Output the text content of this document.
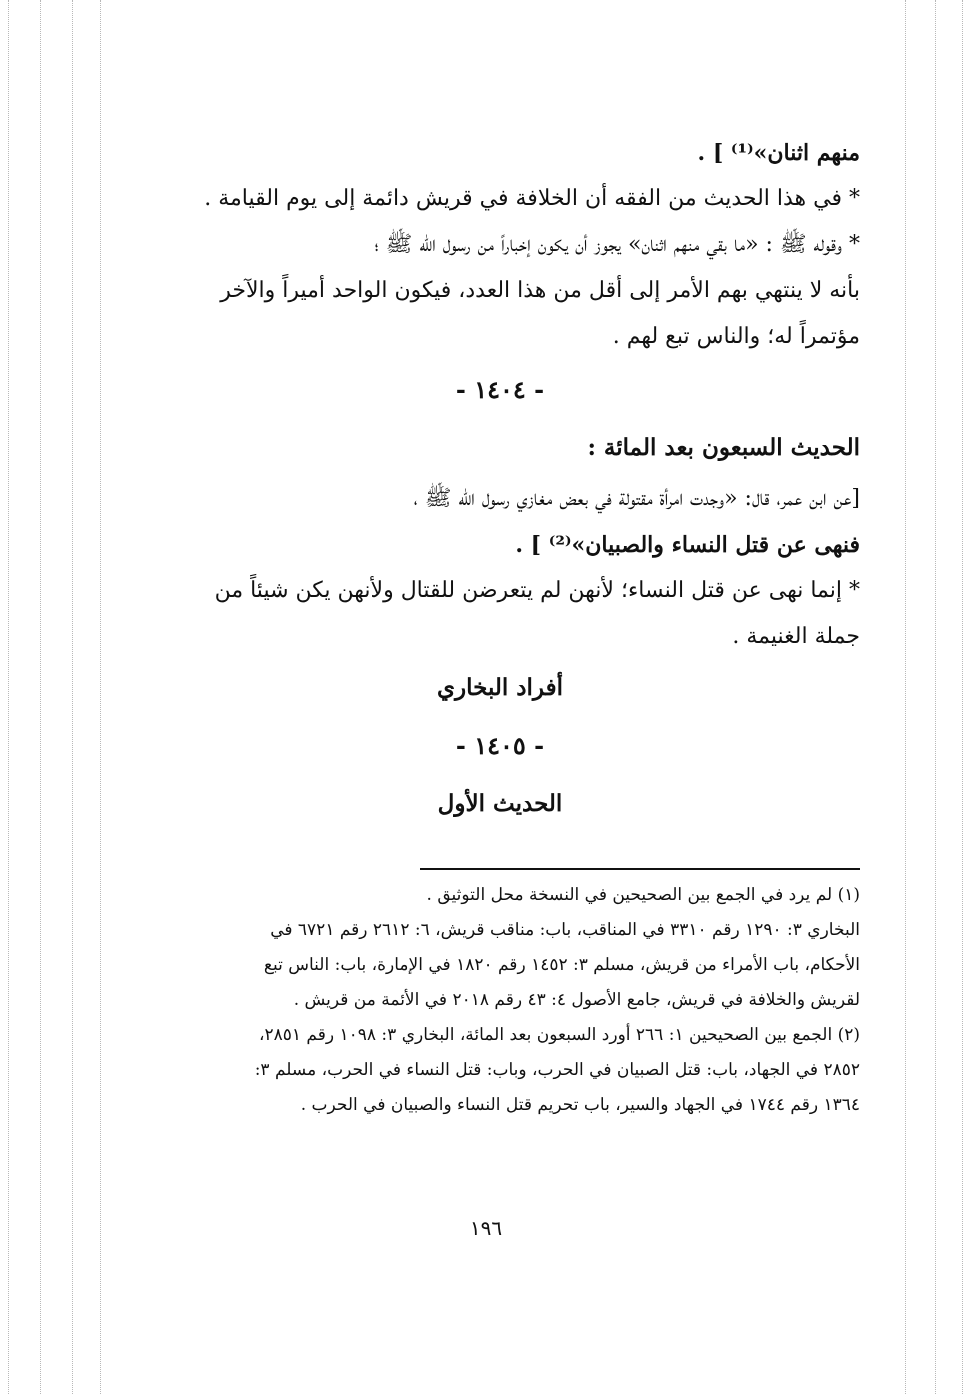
منهم اثنان»⁽¹⁾ ] .
* في هذا الحديث من الفقه أن الخلافة في قريش دائمة إلى يوم القيامة .
* وقوله ﷺ : «ما بقي منهم اثنان» يجوز أن يكون إخباراً من رسول الله ﷺ ؛
بأنه لا ينتهي بهم الأمر إلى أقل من هذا العدد، فيكون الواحد أميراً والآخر
مؤتمراً له؛ والناس تبع لهم .
- ١٤٠٤ -
الحديث السبعون بعد المائة :
[عن ابن عمر، قال: «وجدت امرأة مقتولة في بعض مغازي رسول الله ﷺ ،
فنهى عن قتل النساء والصبيان»⁽²⁾ ] .
* إنما نهى عن قتل النساء؛ لأنهن لم يتعرضن للقتال ولأنهن يكن شيئاً من
جملة الغنيمة .
أفراد البخاري
- ١٤٠٥ -
الحديث الأول
(١) لم يرد في الجمع بين الصحيحين في النسخة محل التوثيق .
البخاري ٣: ١٢٩٠ رقم ٣٣١٠ في المناقب، باب: مناقب قريش، ٦: ٢٦١٢ رقم ٦٧٢١ في
الأحكام، باب الأمراء من قريش، مسلم ٣: ١٤٥٢ رقم ١٨٢٠ في الإمارة، باب: الناس تبع
لقريش والخلافة في قريش، جامع الأصول ٤: ٤٣ رقم ٢٠١٨ في الأئمة من قريش .
(٢) الجمع بين الصحيحين ١: ٢٦٦ أورد السبعون بعد المائة، البخاري ٣: ١٠٩٨ رقم ٢٨٥١،
٢٨٥٢ في الجهاد، باب: قتل الصبيان في الحرب، وباب: قتل النساء في الحرب، مسلم ٣:
١٣٦٤ رقم ١٧٤٤ في الجهاد والسير، باب تحريم قتل النساء والصبيان في الحرب .
١٩٦
